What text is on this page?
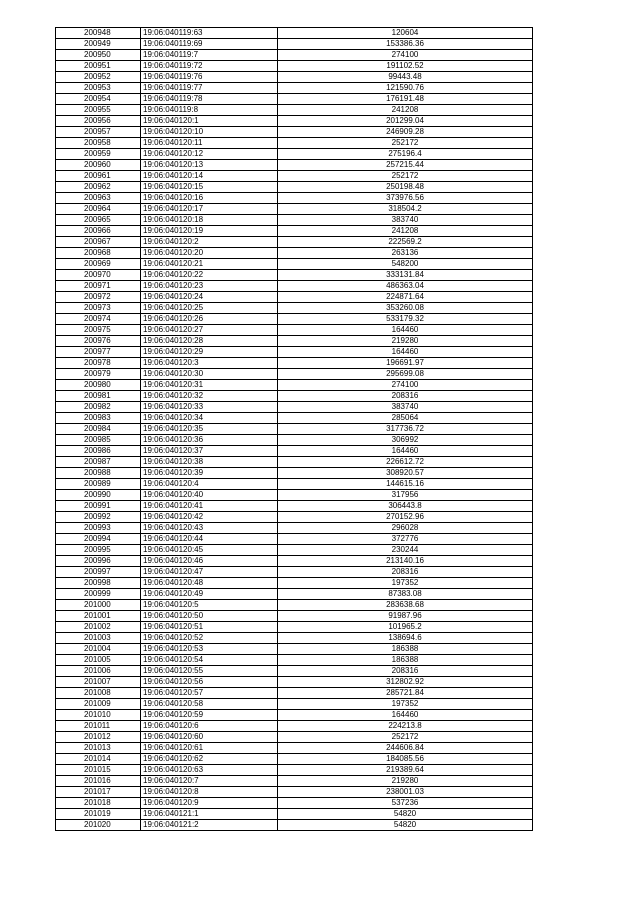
200948	19:06:040119:63	120604
200949	19:06:040119:69	153386.36
200950	19:06:040119:7	274100
200951	19:06:040119:72	191102.52
200952	19:06:040119:76	99443.48
200953	19:06:040119:77	121590.76
200954	19:06:040119:78	176191.48
200955	19:06:040119:8	241208
200956	19:06:040120:1	201299.04
200957	19:06:040120:10	246909.28
200958	19:06:040120:11	252172
200959	19:06:040120:12	275196.4
200960	19:06:040120:13	257215.44
200961	19:06:040120:14	252172
200962	19:06:040120:15	250198.48
200963	19:06:040120:16	373976.56
200964	19:06:040120:17	318504.2
200965	19:06:040120:18	383740
200966	19:06:040120:19	241208
200967	19:06:040120:2	222569.2
200968	19:06:040120:20	263136
200969	19:06:040120:21	548200
200970	19:06:040120:22	333131.84
200971	19:06:040120:23	486363.04
200972	19:06:040120:24	224871.64
200973	19:06:040120:25	353260.08
200974	19:06:040120:26	533179.32
200975	19:06:040120:27	164460
200976	19:06:040120:28	219280
200977	19:06:040120:29	164460
200978	19:06:040120:3	196691.97
200979	19:06:040120:30	295699.08
200980	19:06:040120:31	274100
200981	19:06:040120:32	208316
200982	19:06:040120:33	383740
200983	19:06:040120:34	285064
200984	19:06:040120:35	317736.72
200985	19:06:040120:36	306992
200986	19:06:040120:37	164460
200987	19:06:040120:38	226612.72
200988	19:06:040120:39	308920.57
200989	19:06:040120:4	144615.16
200990	19:06:040120:40	317956
200991	19:06:040120:41	306443.8
200992	19:06:040120:42	270152.96
200993	19:06:040120:43	296028
200994	19:06:040120:44	372776
200995	19:06:040120:45	230244
200996	19:06:040120:46	213140.16
200997	19:06:040120:47	208316
200998	19:06:040120:48	197352
200999	19:06:040120:49	87383.08
201000	19:06:040120:5	283638.68
201001	19:06:040120:50	91987.96
201002	19:06:040120:51	101965.2
201003	19:06:040120:52	138694.6
201004	19:06:040120:53	186388
201005	19:06:040120:54	186388
201006	19:06:040120:55	208316
201007	19:06:040120:56	312802.92
201008	19:06:040120:57	285721.84
201009	19:06:040120:58	197352
201010	19:06:040120:59	164460
201011	19:06:040120:6	224213.8
201012	19:06:040120:60	252172
201013	19:06:040120:61	244606.84
201014	19:06:040120:62	184085.56
201015	19:06:040120:63	219389.64
201016	19:06:040120:7	219280
201017	19:06:040120:8	238001.03
201018	19:06:040120:9	537236
201019	19:06:040121:1	54820
201020	19:06:040121:2	54820
